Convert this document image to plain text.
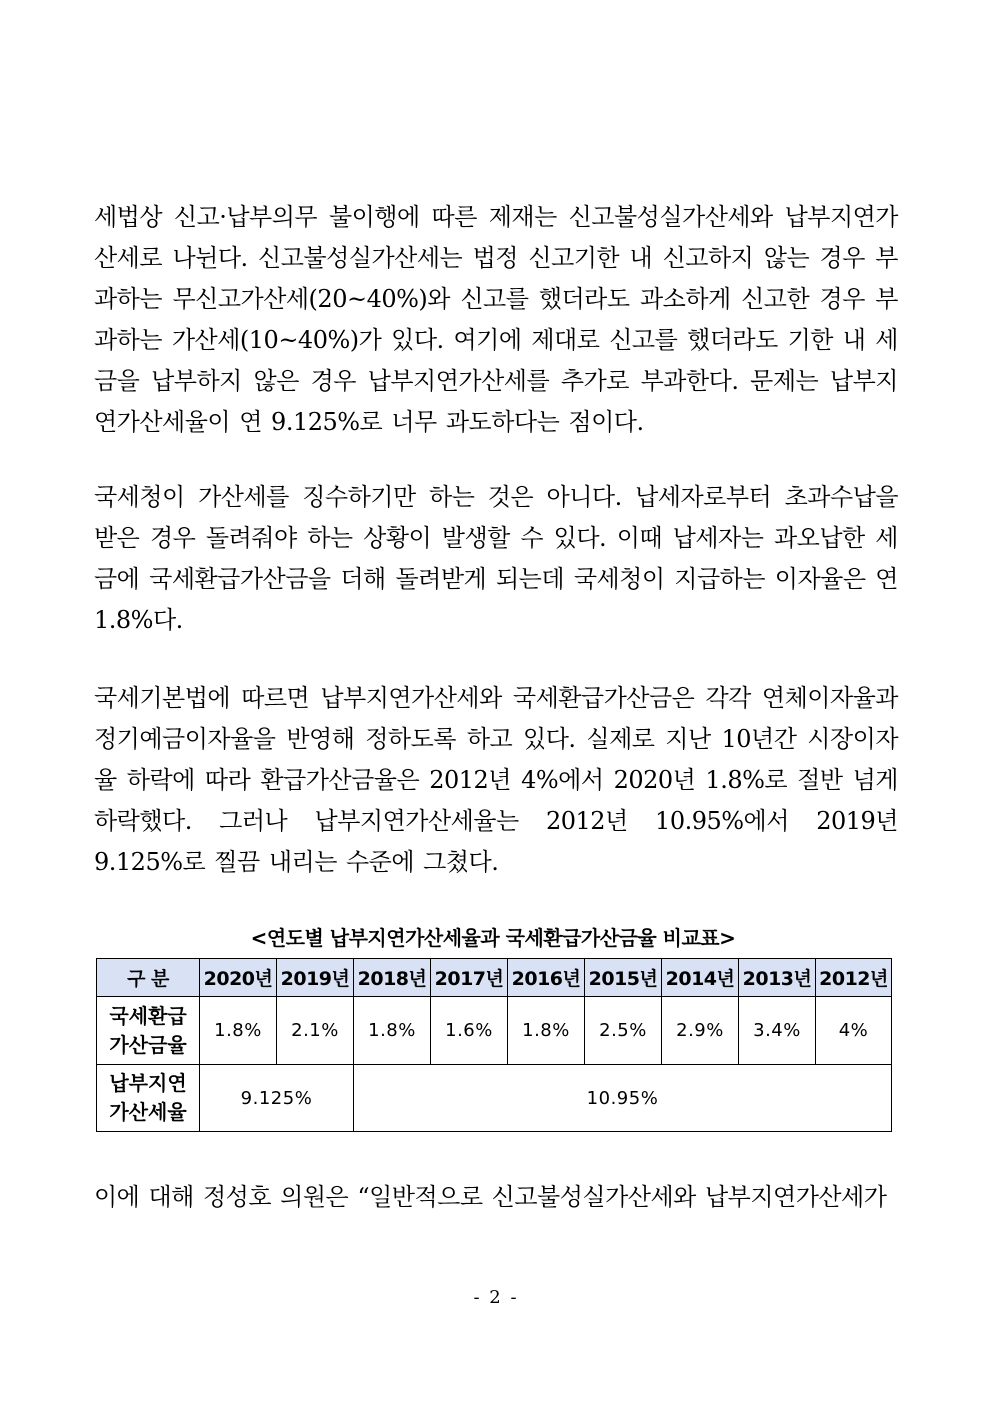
세법상 신고·납부의무 불이행에 따른 제재는 신고불성실가산세와 납부지연가산세로 나뉜다. 신고불성실가산세는 법정 신고기한 내 신고하지 않는 경우 부과하는 무신고가산세(20~40%)와 신고를 했더라도 과소하게 신고한 경우 부과하는 가산세(10~40%)가 있다. 여기에 제대로 신고를 했더라도 기한 내 세금을 납부하지 않은 경우 납부지연가산세를 추가로 부과한다. 문제는 납부지연가산세율이 연 9.125%로 너무 과도하다는 점이다.

국세청이 가산세를 징수하기만 하는 것은 아니다. 납세자로부터 초과수납을 받은 경우 돌려줘야 하는 상황이 발생할 수 있다. 이때 납세자는 과오납한 세금에 국세환급가산금을 더해 돌려받게 되는데 국세청이 지급하는 이자율은 연 1.8%다.

국세기본법에 따르면 납부지연가산세와 국세환급가산금은 각각 연체이자율과 정기예금이자율을 반영해 정하도록 하고 있다. 실제로 지난 10년간 시장이자율 하락에 따라 환급가산금율은 2012년 4%에서 2020년 1.8%로 절반 넘게 하락했다. 그러나 납부지연가산세율는 2012년 10.95%에서 2019년 9.125%로 찔끔 내리는 수준에 그쳤다.

<연도별 납부지연가산세율과 국세환급가산금율 비교표>

구 분	2020년	2019년	2018년	2017년	2016년	2015년	2014년	2013년	2012년
국세환급
가산금율	1.8%	2.1%	1.8%	1.6%	1.8%	2.5%	2.9%	3.4%	4%
납부지연
가산세율	9.125%		10.95%						

이에 대해 정성호 의원은 “일반적으로 신고불성실가산세와 납부지연가산세가

- 2 -
